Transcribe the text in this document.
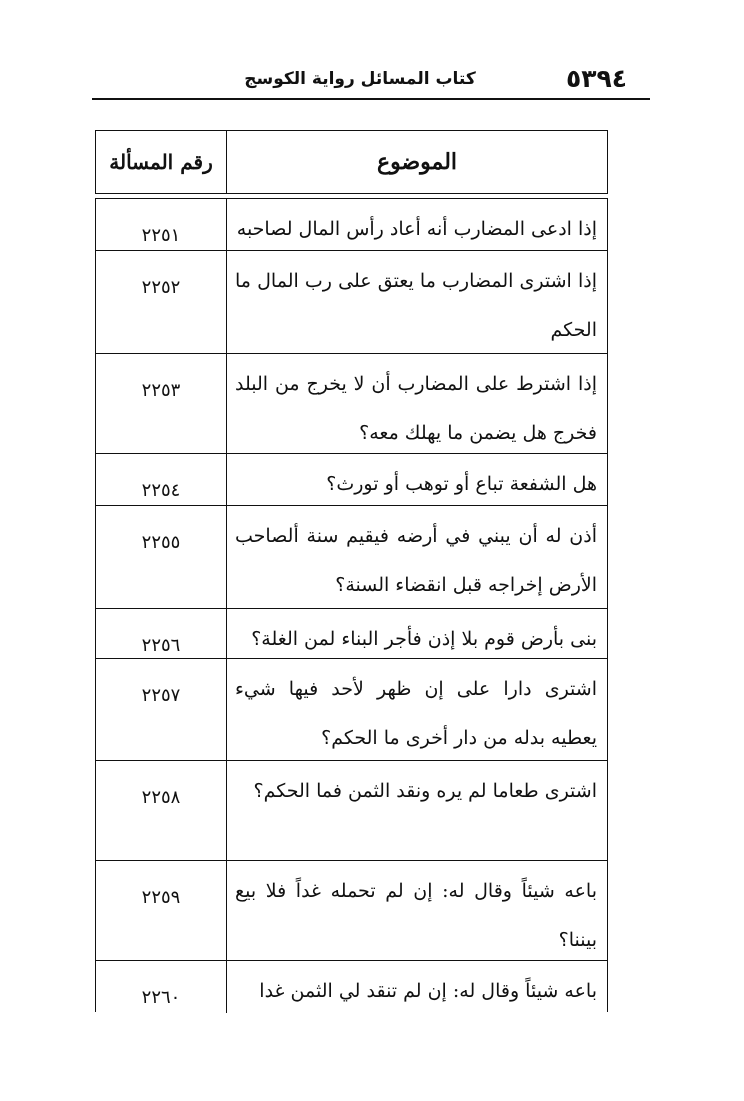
٥٣٩٤
كتاب المسائل رواية الكوسج
الموضوع
رقم المسألة
إذا ادعى المضارب أنه أعاد رأس المال لصاحبه
٢٢٥١
إذا اشترى المضارب ما يعتق على رب المال ما الحكم
٢٢٥٢
إذا اشترط على المضارب أن لا يخرج من البلد فخرج هل يضمن ما يهلك معه؟
٢٢٥٣
هل الشفعة تباع أو توهب أو تورث؟
٢٢٥٤
أذن له أن يبني في أرضه فيقيم سنة ألصاحب الأرض إخراجه قبل انقضاء السنة؟
٢٢٥٥
بنى بأرض قوم بلا إذن فأجر البناء لمن الغلة؟
٢٢٥٦
اشترى دارا على إن ظهر لأحد فيها شيء يعطيه بدله من دار أخرى ما الحكم؟
٢٢٥٧
اشترى طعاما لم يره ونقد الثمن فما الحكم؟
٢٢٥٨
باعه شيئاً وقال له: إن لم تحمله غداً فلا بيع بيننا؟
٢٢٥٩
باعه شيئاً وقال له: إن لم تنقد لي الثمن غدا
٢٢٦٠
